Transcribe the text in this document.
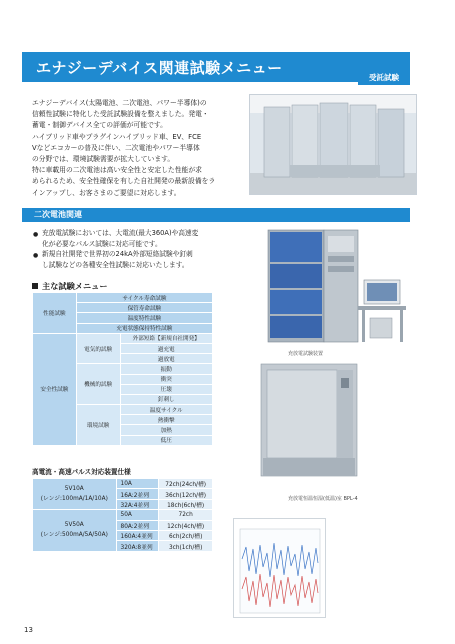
エナジーデバイス関連試験メニュー
受託試験

エナジーデバイス(太陽電池、二次電池、パワー半導体)の

信頼性試験に特化した受託試験設備を整えました。発電・

蓄電・制御デバイス全ての評価が可能です。

ハイブリッド車やプラグインハイブリッド車、EV、FCE

Vなどエコカーの普及に伴い、二次電池やパワー半導体

の分野では、環境試験需要が拡大しています。

特に車載用の二次電池は高い安全性と安定した性能が求

められるため、安全性確保を有した自社開発の最新設備をラ

インアップし、お客さまのご要望に対応します。

二次電池関連
● 充放電試験においては、大電流(最大360A)や高速変
化が必要なパルス試験に対応可能です。
● 新規自社開発で世界初の24kA外部短絡試験や釘刺
し試験などの各種安全性試験に対応いたします。
主な試験メニュー
性能試験	サイクル寿命試験	
	保管寿命試験	
	温度特性試験	
	充電状態保持特性試験	
安全性試験	電気的試験	外部短絡【新規自社開発】
		過充電
		過放電
	機械的試験	振動
		衝突
		圧壊
		釘刺し
	環境試験	温度サイクル
		熱衝撃
		加熱
		低圧
高電流・高速パルス対応装置仕様
5V10A
(レンジ:100mA/1A/10A)	10A	72ch(24ch/槽)
	16A:2並列	36ch(12ch/槽)
	32A:4並列	18ch(6ch/槽)

5V50A
(レンジ:500mA/5A/50A)	50A	72ch
	80A:2並列	12ch(4ch/槽)
	160A:4並列	6ch(2ch/槽)
	320A:8並列	3ch(1ch/槽)
充放電試験装置
充放電恒温恒湿(低温)室 BPL-4
13
